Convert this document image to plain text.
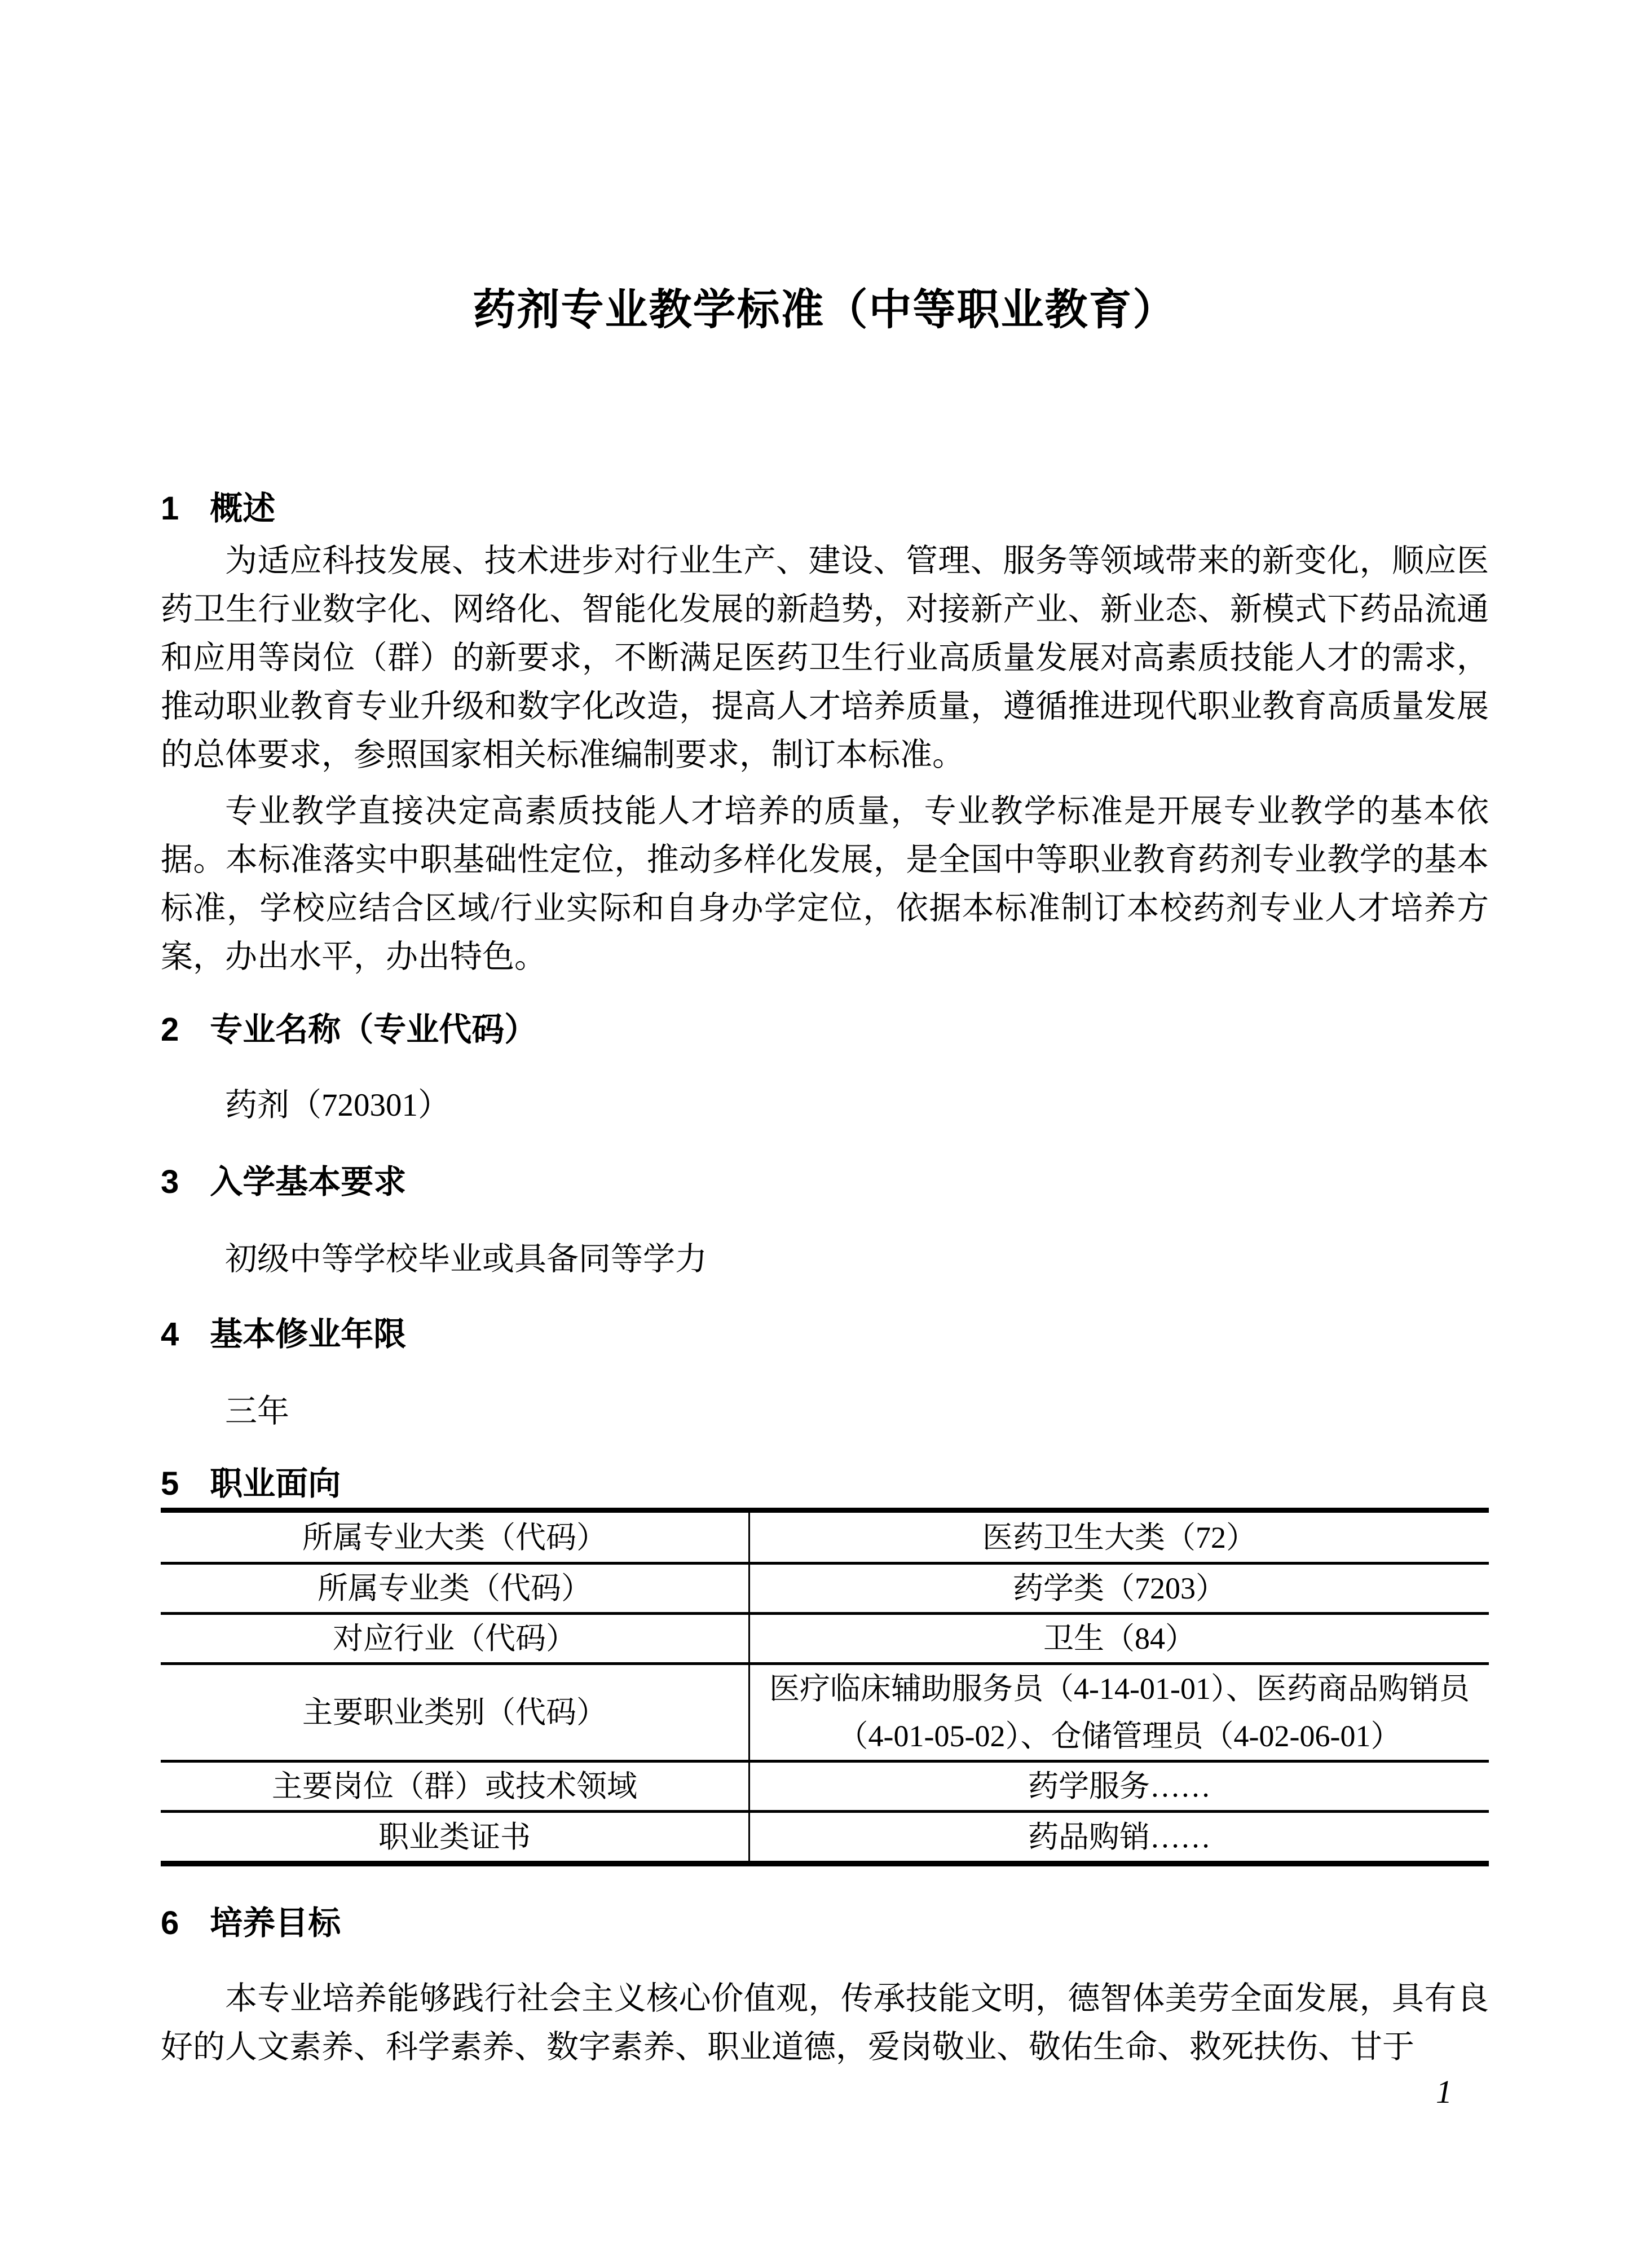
药剂专业教学标准（中等职业教育）
1 概述

为适应科技发展、技术进步对行业生产、建设、管理、服务等领域带来的新变化，顺应医药卫生行业数字化、网络化、智能化发展的新趋势，对接新产业、新业态、新模式下药品流通和应用等岗位（群）的新要求，不断满足医药卫生行业高质量发展对高素质技能人才的需求，推动职业教育专业升级和数字化改造，提高人才培养质量，遵循推进现代职业教育高质量发展的总体要求，参照国家相关标准编制要求，制订本标准。

专业教学直接决定高素质技能人才培养的质量，专业教学标准是开展专业教学的基本依据。本标准落实中职基础性定位，推动多样化发展，是全国中等职业教育药剂专业教学的基本标准，学校应结合区域/行业实际和自身办学定位，依据本标准制订本校药剂专业人才培养方案，办出水平，办出特色。

2 专业名称（专业代码）

药剂（720301）

3 入学基本要求

初级中等学校毕业或具备同等学力

4 基本修业年限

三年

5 职业面向
所属专业大类（代码）	医药卫生大类（72）
所属专业类（代码）	药学类（7203）
对应行业（代码）	卫生（84）
主要职业类别（代码）	医疗临床辅助服务员（4-14-01-01）、医药商品购销员（4-01-05-02）、仓储管理员（4-02-06-01）
主要岗位（群）或技术领域	药学服务……
职业类证书	药品购销……
6 培养目标

本专业培养能够践行社会主义核心价值观，传承技能文明，德智体美劳全面发展，具有良好的人文素养、科学素养、数字素养、职业道德，爱岗敬业、敬佑生命、救死扶伤、甘于

1
